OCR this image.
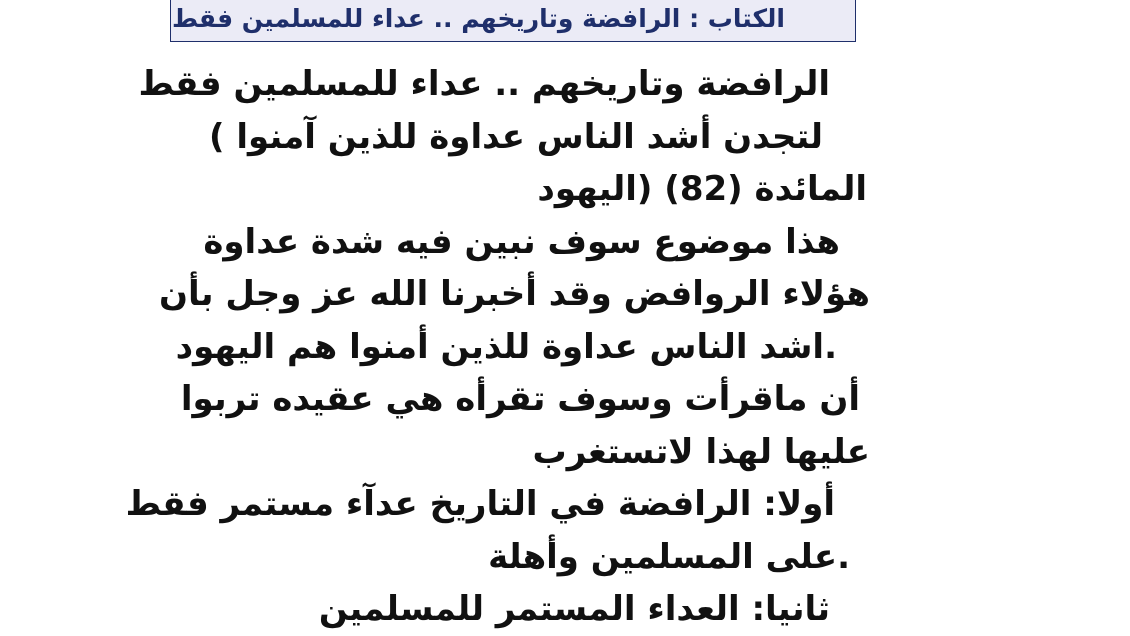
الكتاب : الرافضة وتاريخهم .. عداء للمسلمين فقط
الرافضة وتاريخهم .. عداء للمسلمين فقط
لتجدن أشد الناس عداوة للذين آمنوا )
المائدة (82) (اليهود
هذا موضوع سوف نبين فيه شدة عداوة
هؤلاء الروافض وقد أخبرنا الله عز وجل بأن
.اشد الناس عداوة للذين أمنوا هم اليهود
أن ماقرأت وسوف تقرأه هي عقيده تربوا
عليها لهذا لاتستغرب
أولا: الرافضة في التاريخ عدآء مستمر فقط
.على المسلمين وأهلة
ثانيا: العداء المستمر للمسلمين
